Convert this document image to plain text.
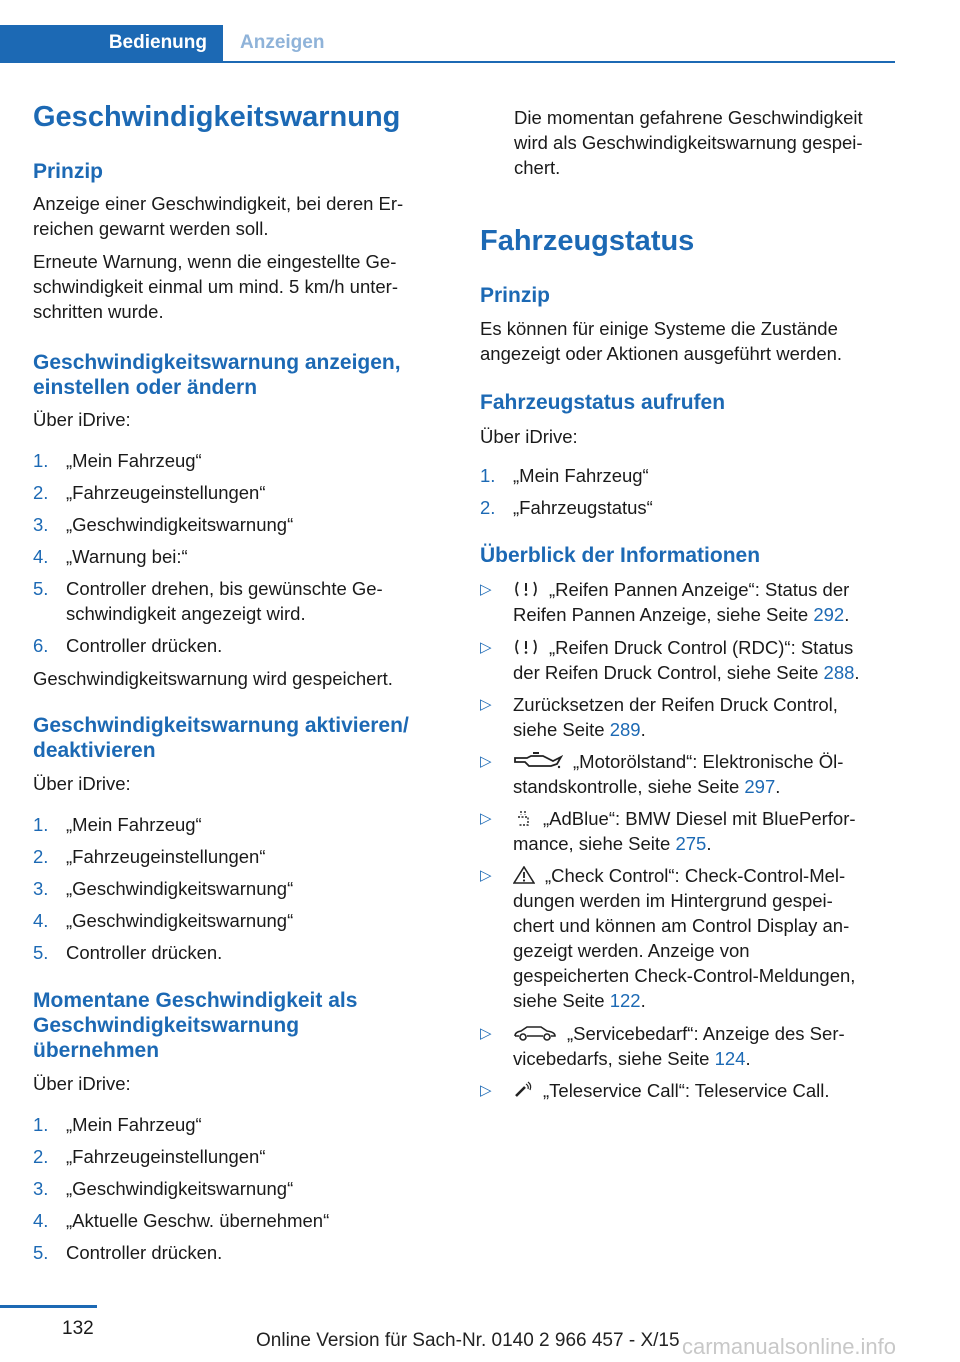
Bedienung	Anzeigen
Geschwindigkeitswarnung
Prinzip
Anzeige einer Geschwindigkeit, bei deren Er-
reichen gewarnt werden soll.
Erneute Warnung, wenn die eingestellte Ge-
schwindigkeit einmal um mind. 5 km/h unter-
schritten wurde.
Geschwindigkeitswarnung anzeigen,
einstellen oder ändern
Über iDrive:
1. „Mein Fahrzeug“
2. „Fahrzeugeinstellungen“
3. „Geschwindigkeitswarnung“
4. „Warnung bei:“
5. Controller drehen, bis gewünschte Ge-
schwindigkeit angezeigt wird.
6. Controller drücken.
Geschwindigkeitswarnung wird gespeichert.
Geschwindigkeitswarnung aktivieren/
deaktivieren
Über iDrive:
1. „Mein Fahrzeug“
2. „Fahrzeugeinstellungen“
3. „Geschwindigkeitswarnung“
4. „Geschwindigkeitswarnung“
5. Controller drücken.
Momentane Geschwindigkeit als
Geschwindigkeitswarnung
übernehmen
Über iDrive:
1. „Mein Fahrzeug“
2. „Fahrzeugeinstellungen“
3. „Geschwindigkeitswarnung“
4. „Aktuelle Geschw. übernehmen“
5. Controller drücken.
Die momentan gefahrene Geschwindigkeit
wird als Geschwindigkeitswarnung gespei-
chert.
Fahrzeugstatus
Prinzip
Es können für einige Systeme die Zustände
angezeigt oder Aktionen ausgeführt werden.
Fahrzeugstatus aufrufen
Über iDrive:
1. „Mein Fahrzeug“
2. „Fahrzeugstatus“
Überblick der Informationen
▷	„Reifen Pannen Anzeige“: Status der
Reifen Pannen Anzeige, siehe Seite 292.
▷	„Reifen Druck Control (RDC)“: Status
der Reifen Druck Control, siehe Seite 288.
▷ Zurücksetzen der Reifen Druck Control,
siehe Seite 289.
▷	„Motorölstand“: Elektronische Öl-
standskontrolle, siehe Seite 297.
▷	„AdBlue“: BMW Diesel mit BluePerfor-
mance, siehe Seite 275.
▷	„Check Control“: Check-Control-Mel-
dungen werden im Hintergrund gespei-
chert und können am Control Display an-
gezeigt werden. Anzeige von
gespeicherten Check-Control-Meldungen,
siehe Seite 122.
▷	„Servicebedarf“: Anzeige des Ser-
vicebedarfs, siehe Seite 124.
▷	„Teleservice Call“: Teleservice Call.
132
Online Version für Sach-Nr. 0140 2 966 457 - X/15 carmanualsonline.info
